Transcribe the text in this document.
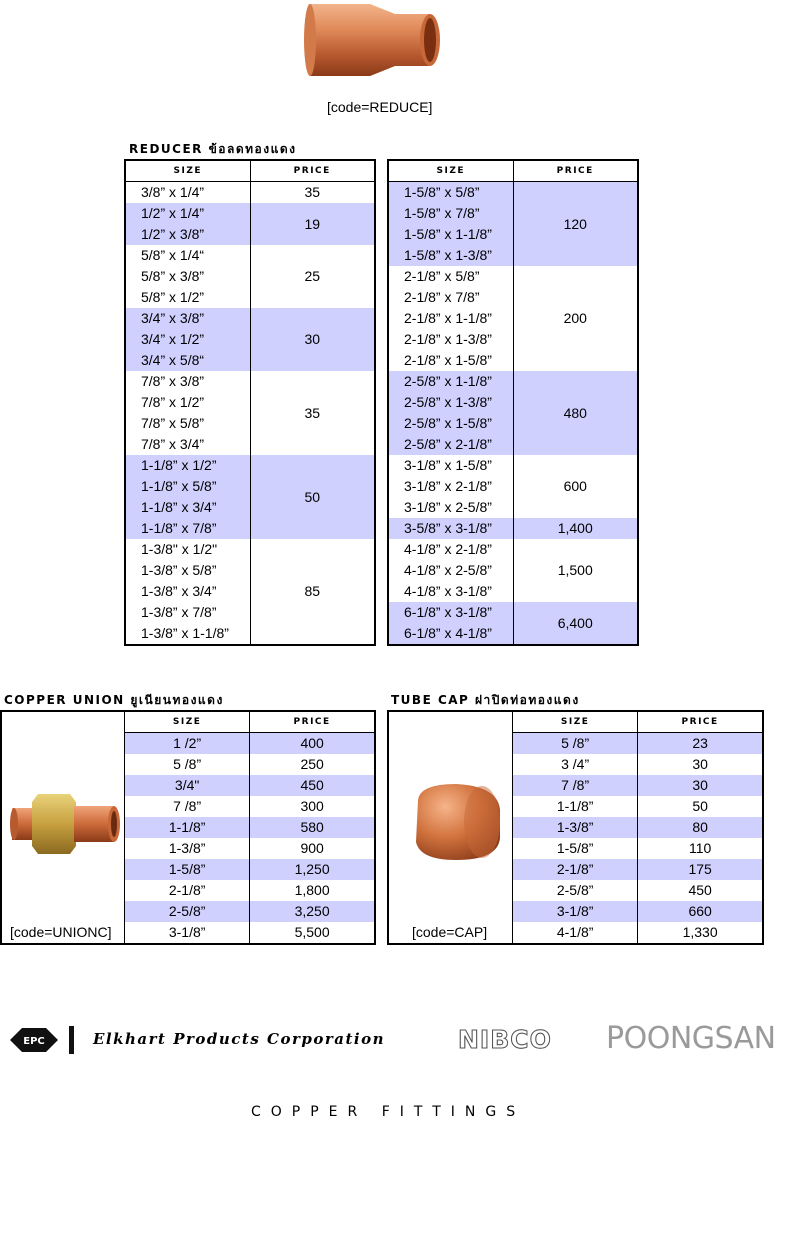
[code=REDUCE]
REDUCER ข้อลดทองแดง
SIZE	PRICE
3/8” x 1/4”	35
1/2” x 1/4”	19
1/2” x 3/8”	
5/8” x 1/4“	25
5/8” x 3/8”	
5/8” x 1/2”	
3/4” x 3/8”	30
3/4” x 1/2”	
3/4” x 5/8“	
7/8” x 3/8”	35
7/8” x 1/2”	
7/8” x 5/8”	
7/8” x 3/4”	
1-1/8” x 1/2”	50
1-1/8” x 5/8”	
1-1/8” x 3/4”	
1-1/8” x 7/8”	
1-3/8" x 1/2"	85
1-3/8” x 5/8”	
1-3/8” x 3/4”	
1-3/8” x 7/8”	
1-3/8” x 1-1/8”	
SIZE	PRICE
1-5/8” x 5/8”	120
1-5/8” x 7/8”	
1-5/8” x 1-1/8”	
1-5/8” x 1-3/8”	
2-1/8” x 5/8”	200
2-1/8” x 7/8”	
2-1/8” x 1-1/8”	
2-1/8” x 1-3/8”	
2-1/8” x 1-5/8”	
2-5/8” x 1-1/8”	480
2-5/8” x 1-3/8”	
2-5/8” x 1-5/8”	
2-5/8” x 2-1/8”	
3-1/8” x 1-5/8”	600
3-1/8” x 2-1/8”	
3-1/8” x 2-5/8”	
3-5/8” x 3-1/8”	1,400
4-1/8” x 2-1/8”	1,500
4-1/8” x 2-5/8”	
4-1/8” x 3-1/8”	
6-1/8” x 3-1/8”	6,400
6-1/8” x 4-1/8”	
COPPER UNION ยูเนียนทองแดง
SIZE	PRICE
1 /2”	400
5 /8”	250
3/4"	450
7 /8”	300
1-1/8”	580
1-3/8”	900
1-5/8”	1,250
2-1/8”	1,800
2-5/8”	3,250
3-1/8”	5,500
[code=UNIONC]
TUBE CAP ฝาปิดท่อทองแดง
SIZE	PRICE
5 /8”	23
3 /4”	30
7 /8”	30
1-1/8”	50
1-3/8”	80
1-5/8”	110
2-1/8”	175
2-5/8”	450
3-1/8”	660
4-1/8”	1,330
[code=CAP]
EPC	Elkhart Products Corporation	NIBCO POONGSAN
COPPER FITTINGS
